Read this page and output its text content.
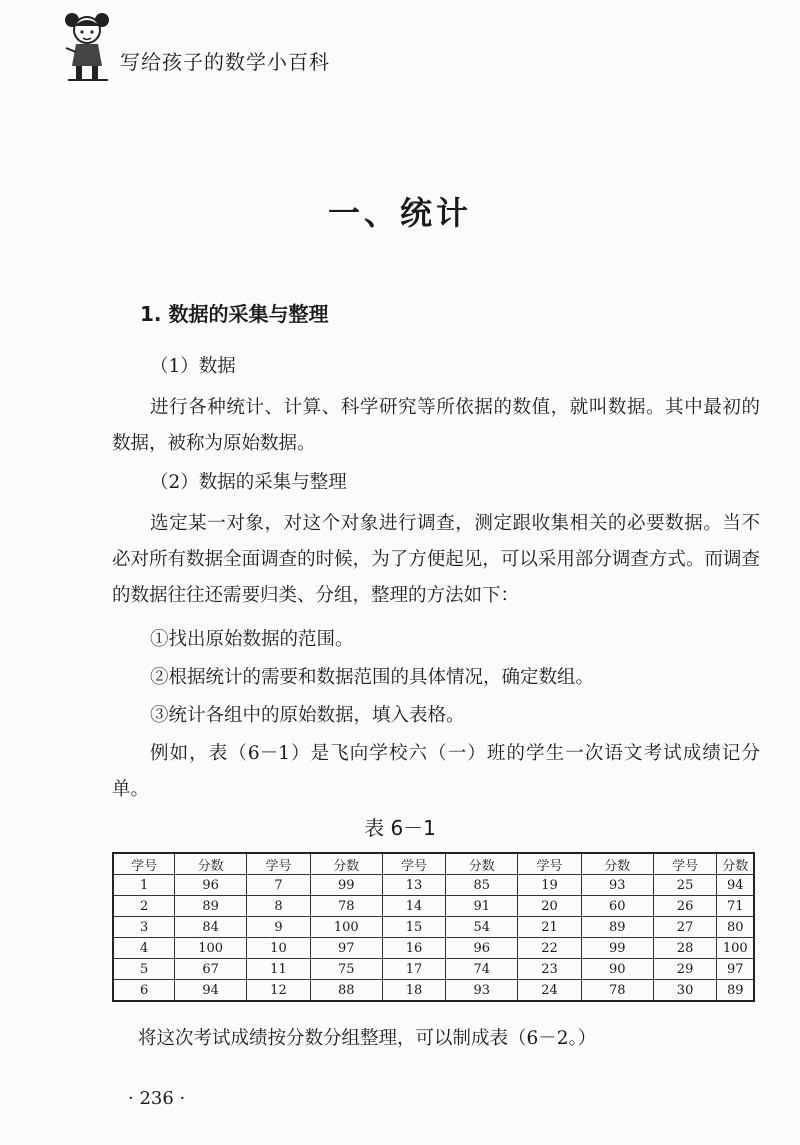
写给孩子的数学小百科
一、统计
1. 数据的采集与整理
（1）数据
进行各种统计、计算、科学研究等所依据的数值，就叫数据。其中最初的数据，被称为原始数据。
（2）数据的采集与整理
选定某一对象，对这个对象进行调查，测定跟收集相关的必要数据。当不必对所有数据全面调查的时候，为了方便起见，可以采用部分调查方式。而调查的数据往往还需要归类、分组，整理的方法如下：
①找出原始数据的范围。
②根据统计的需要和数据范围的具体情况，确定数组。
③统计各组中的原始数据，填入表格。
例如，表（6－1）是飞向学校六（一）班的学生一次语文考试成绩记分单。
表 6－1
学号	分数	学号	分数	学号	分数	学号	分数	学号	分数
1	96	7	99	13	85	19	93	25	94
2	89	8	78	14	91	20	60	26	71
3	84	9	100	15	54	21	89	27	80
4	100	10	97	16	96	22	99	28	100
5	67	11	75	17	74	23	90	29	97
6	94	12	88	18	93	24	78	30	89
将这次考试成绩按分数分组整理，可以制成表（6－2。）
· 236 ·
